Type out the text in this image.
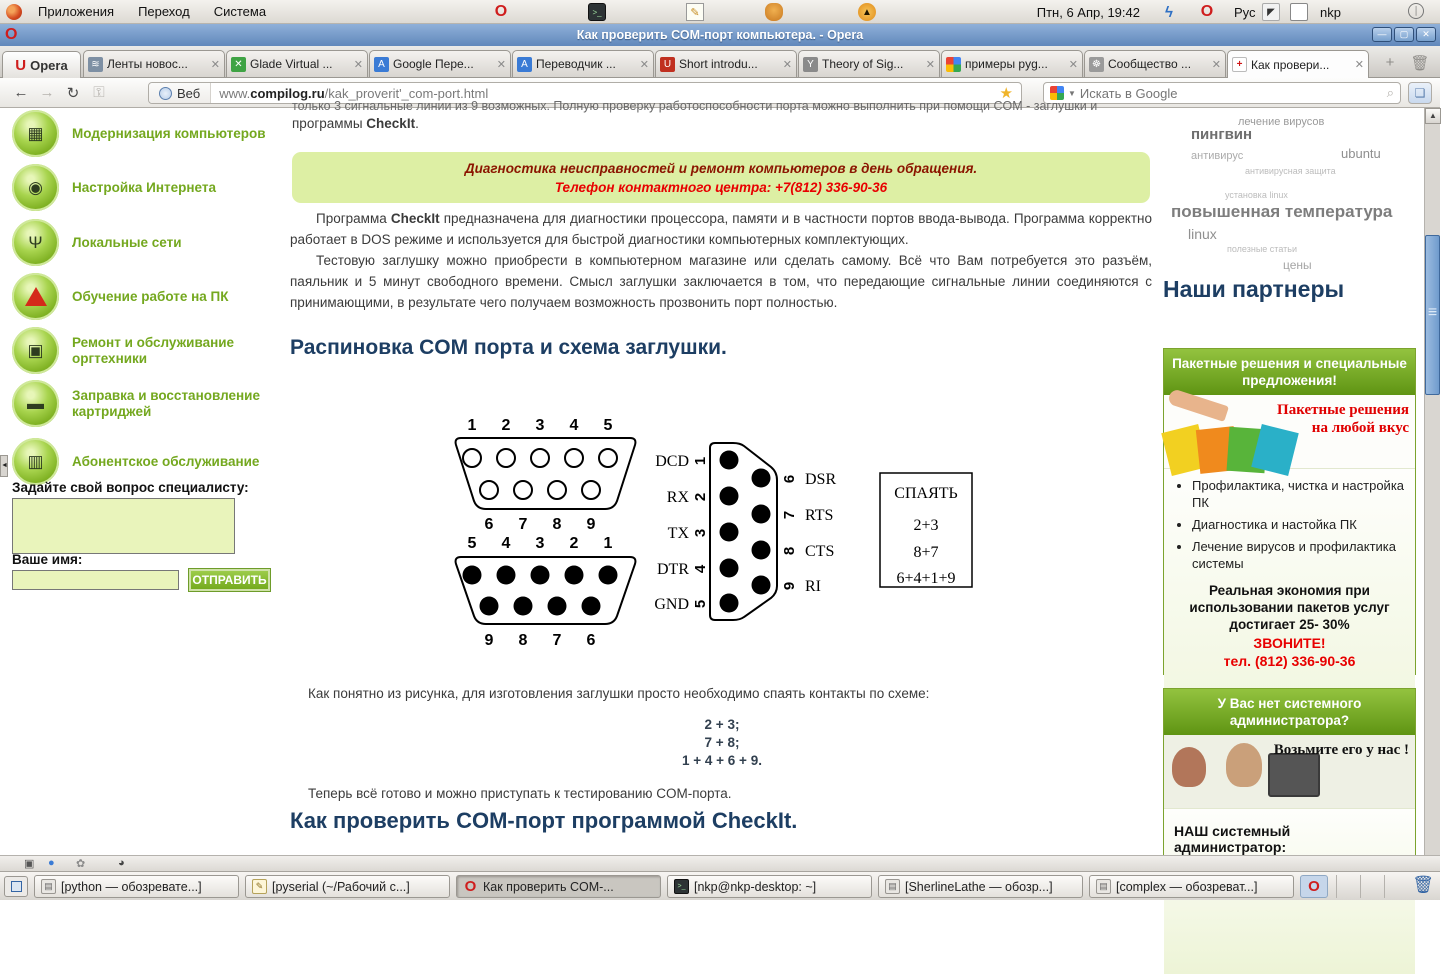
Приложения	Переход	Система	O	>_	✎	▲	Птн, 6 Апр, 19:42	ϟ	O	Рус	◤	nkp	⏐
O	Как проверить СОМ-порт компьютера. - Opera	—	▢	✕
U Opera	≋ Ленты новос...	✕	✕ Glade Virtual ...	✕	A Google Пере...	✕	A Переводчик ...	✕	U Short introdu...	✕	Y Theory of Sig...	✕	примеры pyg...	✕	☸ Сообщество ...	✕	+ Как провери...	✕	+	🗑
← → ↻ ⚿	Веб	www.compilog.ru/kak_proverit'_com-port.html	★	▼
Искать в Google	⌕	❏
▦	Модернизация компьютеров
◉	Настройка Интернета
Ψ	Локальные сети
Обучение работе на ПК
▣	Ремонт и обслуживание оргтехники
▬	Заправка и восстановление картриджей
▥	Абонентское обслуживание
Задайте свой вопрос специалисту:
Ваше имя:
ОТПРАВИТЬ
◄
только 3 сигнальные линии из 9 возможных. Полную проверку работоспособности порта можно выполнить при помощи COM - заглушки и
программы CheckIt.
Диагностика неисправностей и ремонт компьютеров в день обращения.
Телефон контактного центра: +7(812) 336-90-36

Программа CheckIt предназначена для диагностики процессора, памяти и в частности портов ввода-вывода. Программа корректно работает в DOS режиме и используется для быстрой диагностики компьютерных комплектующих.

Тестовую заглушку можно приобрести в компьютерном магазине или сделать самому. Всё что Вам потребуется это разъём, паяльник и 5 минут свободного времени. Смысл заглушки заключается в том, что передающие сигнальные линии соединяются с принимающими, в результате чего получаем возможность прозвонить порт полностью.

Распиновка COM порта и схема заглушки.
1 2 3 4 5
6 7 8 9
5 4 3 2 1
9 8 7 6
DCD
RX
TX
DTR
GND
1
2
3
4
5
6
7
8
9
DSR
RTS
CTS
RI
СПАЯТЬ
2+3
8+7
6+4+1+9
Как понятно из рисунка, для изготовления заглушки просто необходимо спаять контакты по схеме:
2 + 3;
7 + 8;
1 + 4 + 6 + 9.
Теперь всё готово и можно приступать к тестированию COM-порта.
Как проверить COM-порт программой CheckIt.
лечение вирусов
пингвин
антивирус	ubuntu
антивирусная защита
установка linux
повышенная температура
linux
полезные статьи
цены
Наши партнеры
Пакетные решения и специальные предложения!
Пакетные решения на любой вкус
• Профилактика, чистка и настройка ПК
• Диагностика и настойка ПК
• Лечение вирусов и профилактика системы
Реальная экономия при использовании пакетов услуг достигает 25- 30%
ЗВОНИТЕ!
тел. (812) 336-90-36
У Вас нет системного администратора?
Возьмите его у нас !
НАШ системный администратор:
•
▲
≡
▣ ● ✿	◕
▤ [python — обозревате...]	✎ [pyserial (~/Рабочий с...]	O Как проверить COM-...	>_ [nkp@nkp-desktop: ~]	▤ [SherlineLathe — обозр...]	▤ [complex — обозреват...]	O	🗑
